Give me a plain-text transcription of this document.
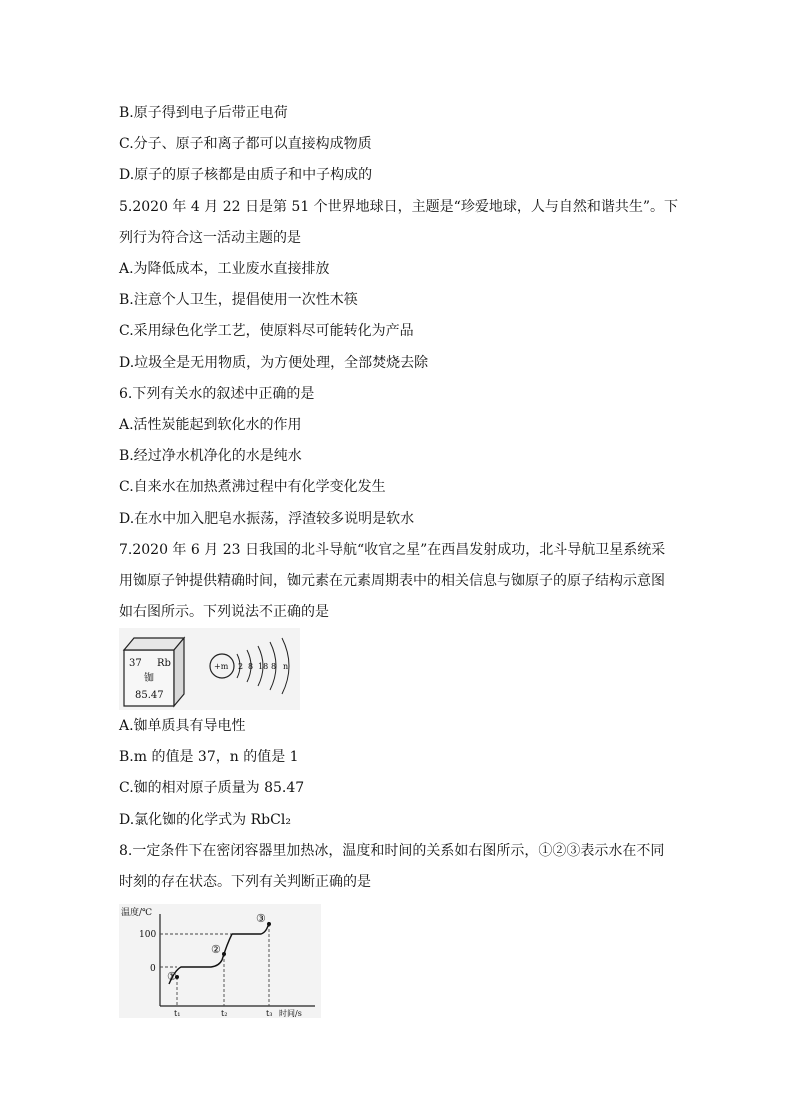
B.原子得到电子后带正电荷
C.分子、原子和离子都可以直接构成物质
D.原子的原子核都是由质子和中子构成的
5.2020 年 4 月 22 日是第 51 个世界地球日，主题是“珍爱地球，人与自然和谐共生”。下
列行为符合这一活动主题的是
A.为降低成本，工业废水直接排放
B.注意个人卫生，提倡使用一次性木筷
C.采用绿色化学工艺，使原料尽可能转化为产品
D.垃圾全是无用物质，为方便处理，全部焚烧去除
6.下列有关水的叙述中正确的是
A.活性炭能起到软化水的作用
B.经过净水机净化的水是纯水
C.自来水在加热煮沸过程中有化学变化发生
D.在水中加入肥皂水振荡，浮渣较多说明是软水
7.2020 年 6 月 23 日我国的北斗导航“收官之星”在西昌发射成功，北斗导航卫星系统采
用铷原子钟提供精确时间，铷元素在元素周期表中的相关信息与铷原子的原子结构示意图
如右图所示。下列说法不正确的是
37 Rb
铷
85.47
+m 2 8 18 8 n
A.铷单质具有导电性
B.m 的值是 37，n 的值是 1
C.铷的相对原子质量为 85.47
D.氯化铷的化学式为 RbCl₂
8.一定条件下在密闭容器里加热冰，温度和时间的关系如右图所示，①②③表示水在不同
时刻的存在状态。下列有关判断正确的是
温度/℃
100
0
①
②
③
t₁	t₂	t₃ 时间/s
